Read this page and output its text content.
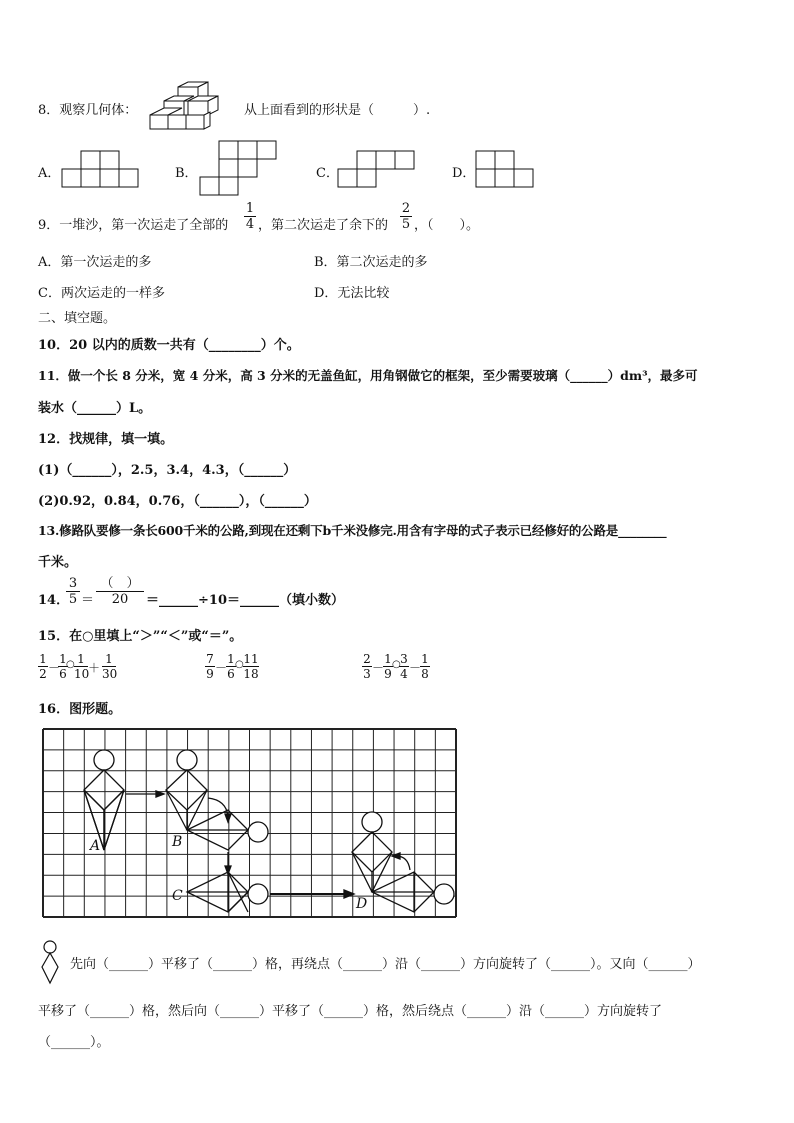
8．观察几何体：	从上面看到的形状是（　　　）.
A．	B．	C．	D．
9．一堆沙，第一次运走了全部的
1
4 ，第二次运走了余下的
2
5 ，（　　）。
A．第一次运走的多	B．第二次运走的多
C．两次运走的一样多	D．无法比较
二、填空题。
10．20 以内的质数一共有（________）个。
11．做一个长 8 分米，宽 4 分米，高 3 分米的无盖鱼缸，用角钢做它的框架，至少需要玻璃（______）dm³，最多可
装水（______）L。
12．找规律，填一填。
(1)（______），2.5，3.4，4.3，（______）
(2)0.92，0.84，0.76，（______），（______）
13.修路队要修一条长600千米的公路,到现在还剩下b千米没修完.用含有字母的式子表示已经修好的公路是________
千米。
14．
3
5 ＝
（　）
20	＝______÷10＝______（填小数）
15．在○里填上“＞”“＜”或“＝”。
1
2 －
1
6
○ 1
10
＋
1
30
7
9 －
1
6
○ 11
18
2
3 －
1
9
○ 3
4 －
1
8
16．图形题。
A	B
C	D
先向（______）平移了（______）格，再绕点（______）沿（______）方向旋转了（______）。又向（______）
平移了（______）格，然后向（______）平移了（______）格，然后绕点（______）沿（______）方向旋转了
（______）。
